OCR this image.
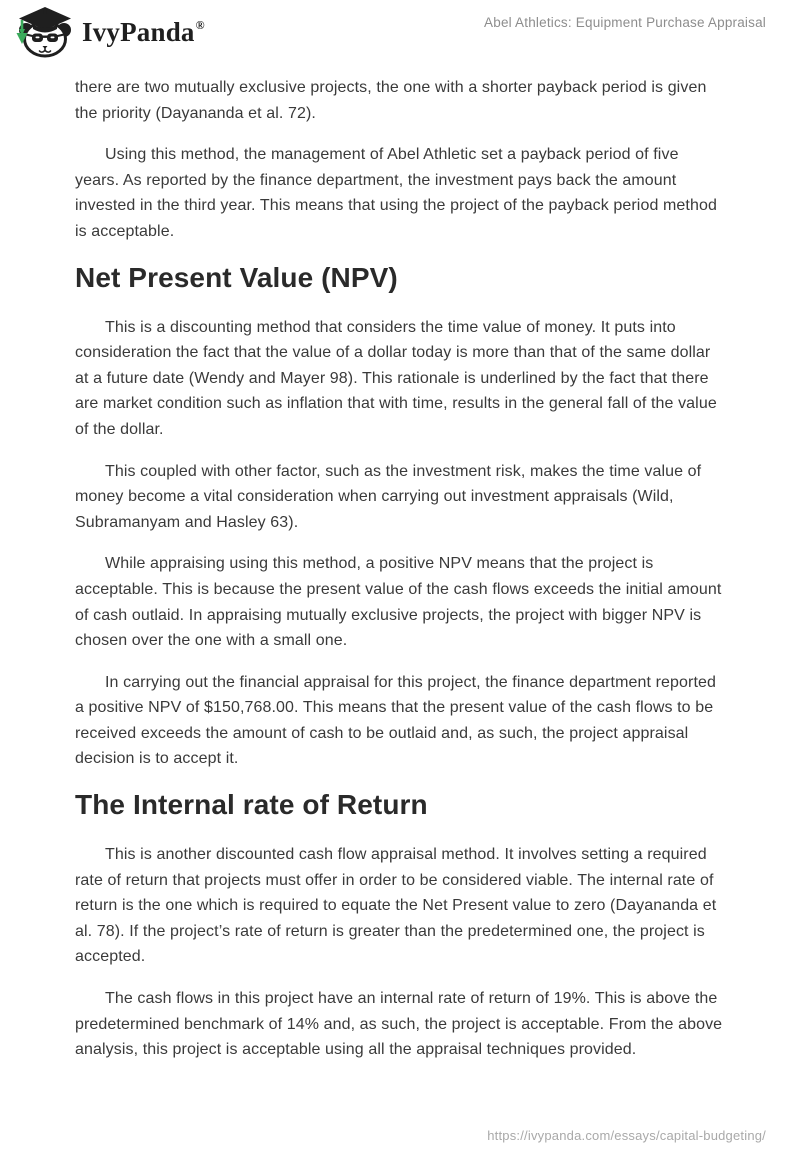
IvyPanda®	Abel Athletics: Equipment Purchase Appraisal

there are two mutually exclusive projects, the one with a shorter payback period is given the priority (Dayananda et al. 72).

Using this method, the management of Abel Athletic set a payback period of five years. As reported by the finance department, the investment pays back the amount invested in the third year. This means that using the project of the payback period method is acceptable.

Net Present Value (NPV)

This is a discounting method that considers the time value of money. It puts into consideration the fact that the value of a dollar today is more than that of the same dollar at a future date (Wendy and Mayer 98). This rationale is underlined by the fact that there are market condition such as inflation that with time, results in the general fall of the value of the dollar.

This coupled with other factor, such as the investment risk, makes the time value of money become a vital consideration when carrying out investment appraisals (Wild, Subramanyam and Hasley 63).

While appraising using this method, a positive NPV means that the project is acceptable. This is because the present value of the cash flows exceeds the initial amount of cash outlaid. In appraising mutually exclusive projects, the project with bigger NPV is chosen over the one with a small one.

In carrying out the financial appraisal for this project, the finance department reported a positive NPV of $150,768.00. This means that the present value of the cash flows to be received exceeds the amount of cash to be outlaid and, as such, the project appraisal decision is to accept it.

The Internal rate of Return

This is another discounted cash flow appraisal method. It involves setting a required rate of return that projects must offer in order to be considered viable. The internal rate of return is the one which is required to equate the Net Present value to zero (Dayananda et al. 78). If the project’s rate of return is greater than the predetermined one, the project is accepted.

The cash flows in this project have an internal rate of return of 19%. This is above the predetermined benchmark of 14% and, as such, the project is acceptable. From the above analysis, this project is acceptable using all the appraisal techniques provided.

https://ivypanda.com/essays/capital-budgeting/
